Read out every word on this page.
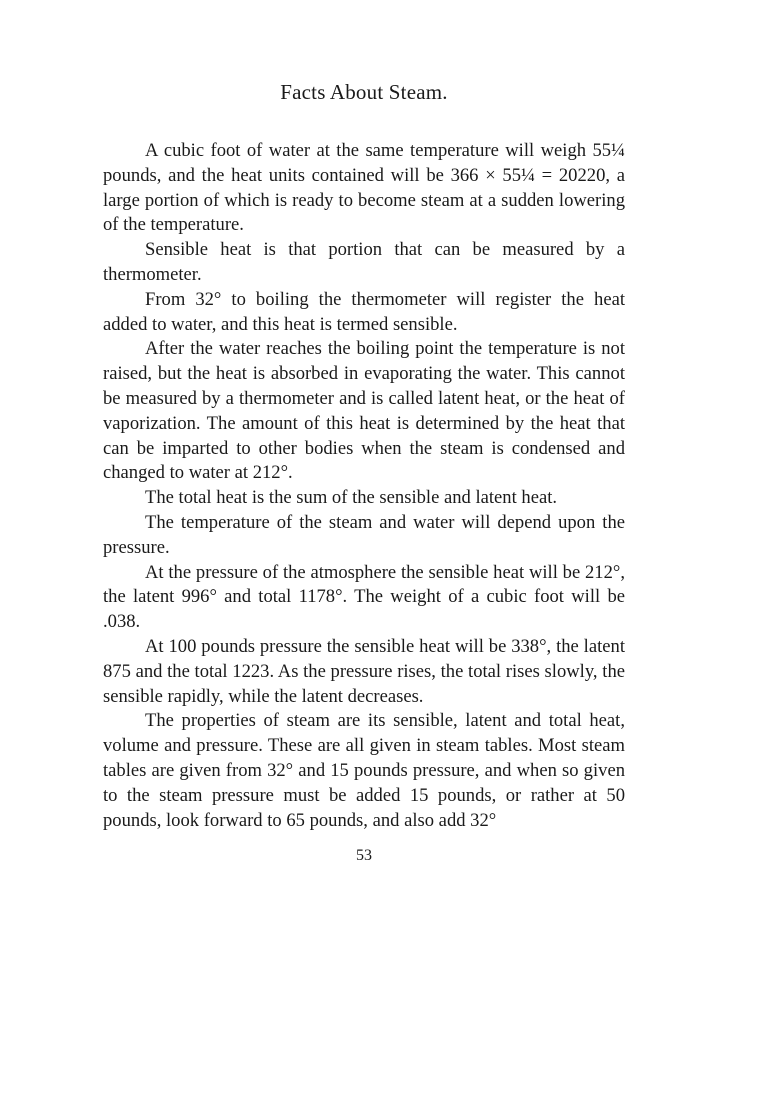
Facts About Steam.

A cubic foot of water at the same temperature will weigh 55¼ pounds, and the heat units contained will be 366 × 55¼ = 20220, a large portion of which is ready to become steam at a sudden lowering of the temperature.

Sensible heat is that portion that can be measured by a thermometer.

From 32° to boiling the thermometer will register the heat added to water, and this heat is termed sensible.

After the water reaches the boiling point the temperature is not raised, but the heat is absorbed in evaporating the water. This cannot be measured by a thermometer and is called latent heat, or the heat of vaporization. The amount of this heat is determined by the heat that can be imparted to other bodies when the steam is condensed and changed to water at 212°.

The total heat is the sum of the sensible and latent heat.

The temperature of the steam and water will depend upon the pressure.

At the pressure of the atmosphere the sensible heat will be 212°, the latent 996° and total 1178°. The weight of a cubic foot will be .038.

At 100 pounds pressure the sensible heat will be 338°, the latent 875 and the total 1223. As the pressure rises, the total rises slowly, the sensible rapidly, while the latent decreases.

The properties of steam are its sensible, latent and total heat, volume and pressure. These are all given in steam tables. Most steam tables are given from 32° and 15 pounds pressure, and when so given to the steam pressure must be added 15 pounds, or rather at 50 pounds, look forward to 65 pounds, and also add 32°

53
